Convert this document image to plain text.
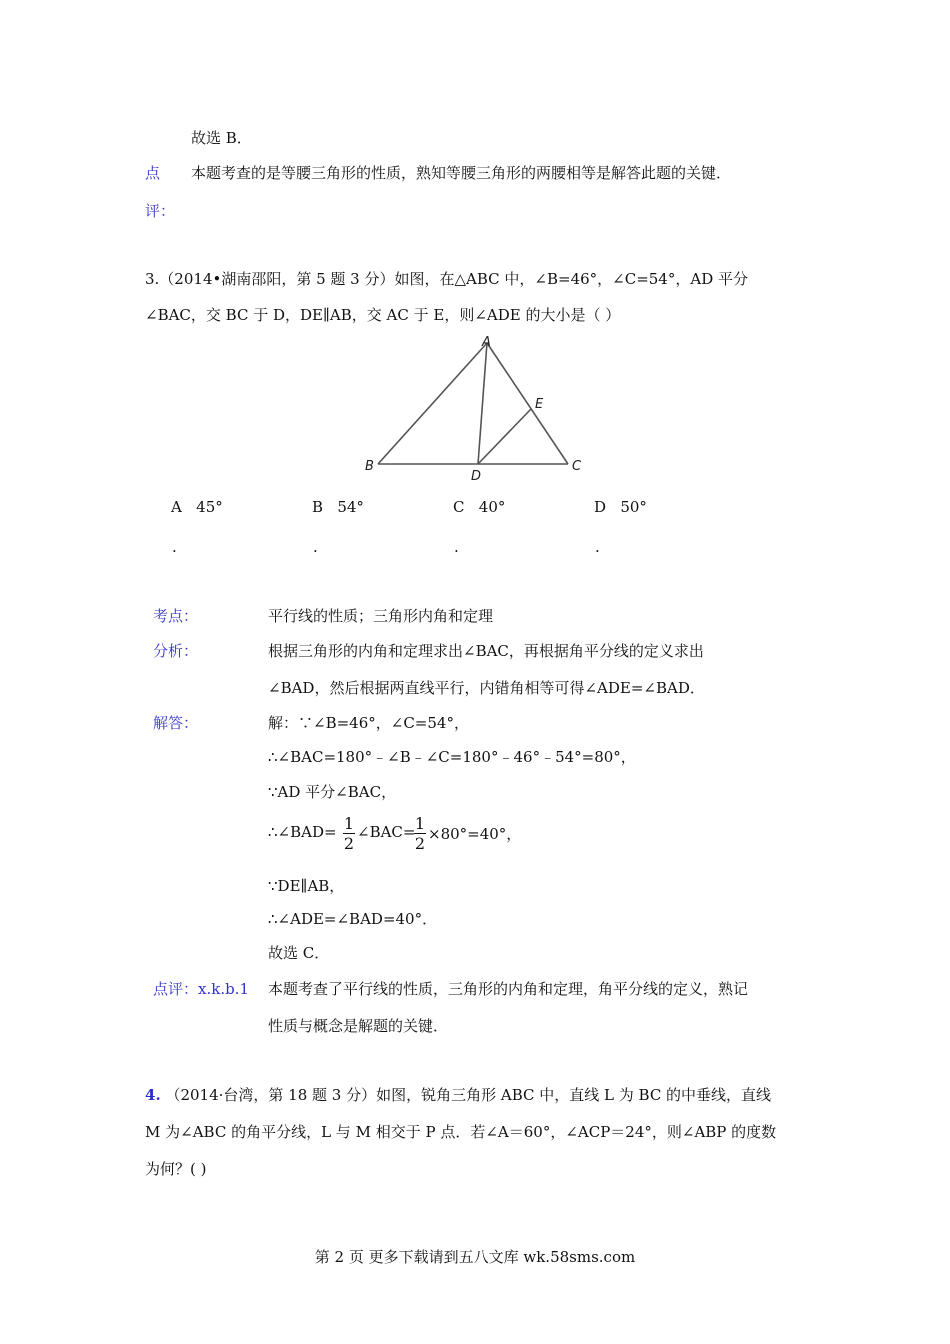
故选 B．
点 本题考查的是等腰三角形的性质，熟知等腰三角形的两腰相等是解答此题的关键．
评：
3.（2014•湖南邵阳，第 5 题 3 分）如图，在△ABC 中，∠B=46°，∠C=54°，AD 平分
∠BAC，交 BC 于 D，DE∥AB，交 AC 于 E，则∠ADE 的大小是（ ）
A
B	C
D
E
A 45°	B 54°	C 40°	D 50°
.	.	.	.
考点：	平行线的性质；三角形内角和定理
分析：	根据三角形的内角和定理求出∠BAC，再根据角平分线的定义求出
∠BAD，然后根据两直线平行，内错角相等可得∠ADE=∠BAD．
解答：	解：∵∠B=46°，∠C=54°，
∴∠BAC=180°﹣∠B﹣∠C=180°﹣46°﹣54°=80°，
∵AD 平分∠BAC，
∴∠BAD= 1
2
∠BAC= 1
2 ×80°=40°，
∵DE∥AB，
∴∠ADE=∠BAD=40°．
故选 C．
点评：x.k.b.1 本题考查了平行线的性质，三角形的内角和定理，角平分线的定义，熟记
性质与概念是解题的关键．
4. （2014·台湾，第 18 题 3 分）如图，锐角三角形 ABC 中，直线 L 为 BC 的中垂线，直线
M 为∠ABC 的角平分线，L 与 M 相交于 P 点．若∠A＝60°，∠ACP＝24°，则∠ABP 的度数
为何？( )
第 2 页 更多下载请到五八文库 wk.58sms.com
